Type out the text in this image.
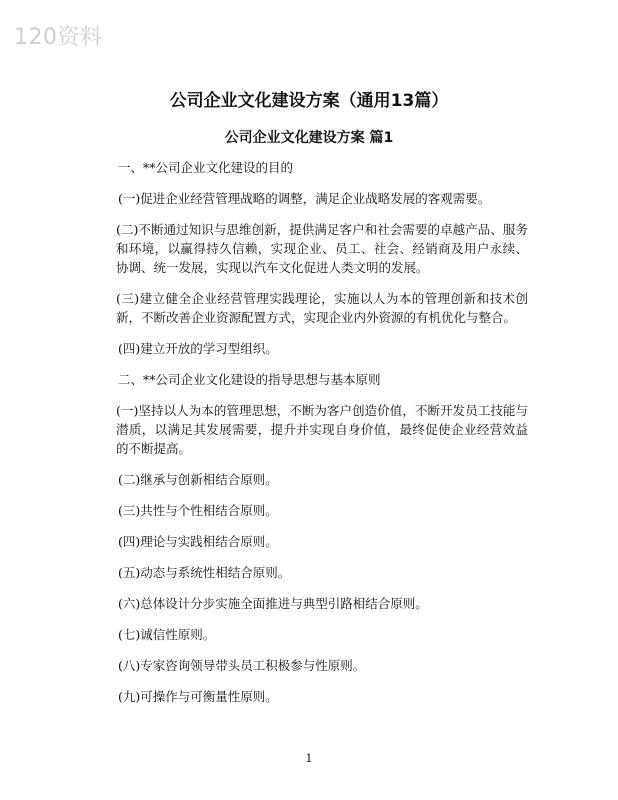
120资料
公司企业文化建设方案（通用13篇）
公司企业文化建设方案 篇1

一、**公司企业文化建设的目的

(一)促进企业经营管理战略的调整，满足企业战略发展的客观需要。

(二)不断通过知识与思维创新，提供满足客户和社会需要的卓越产品、服务和环境，以赢得持久信赖，实现企业、员工、社会、经销商及用户永续、协调、统一发展，实现以汽车文化促进人类文明的发展。

(三)建立健全企业经营管理实践理论，实施以人为本的管理创新和技术创新，不断改善企业资源配置方式，实现企业内外资源的有机优化与整合。

(四)建立开放的学习型组织。

二、**公司企业文化建设的指导思想与基本原则

(一)坚持以人为本的管理思想，不断为客户创造价值，不断开发员工技能与潜质，以满足其发展需要，提升并实现自身价值，最终促使企业经营效益的不断提高。

(二)继承与创新相结合原则。

(三)共性与个性相结合原则。

(四)理论与实践相结合原则。

(五)动态与系统性相结合原则。

(六)总体设计分步实施全面推进与典型引路相结合原则。

(七)诚信性原则。

(八)专家咨询领导带头员工积极参与性原则。

(九)可操作与可衡量性原则。

1
